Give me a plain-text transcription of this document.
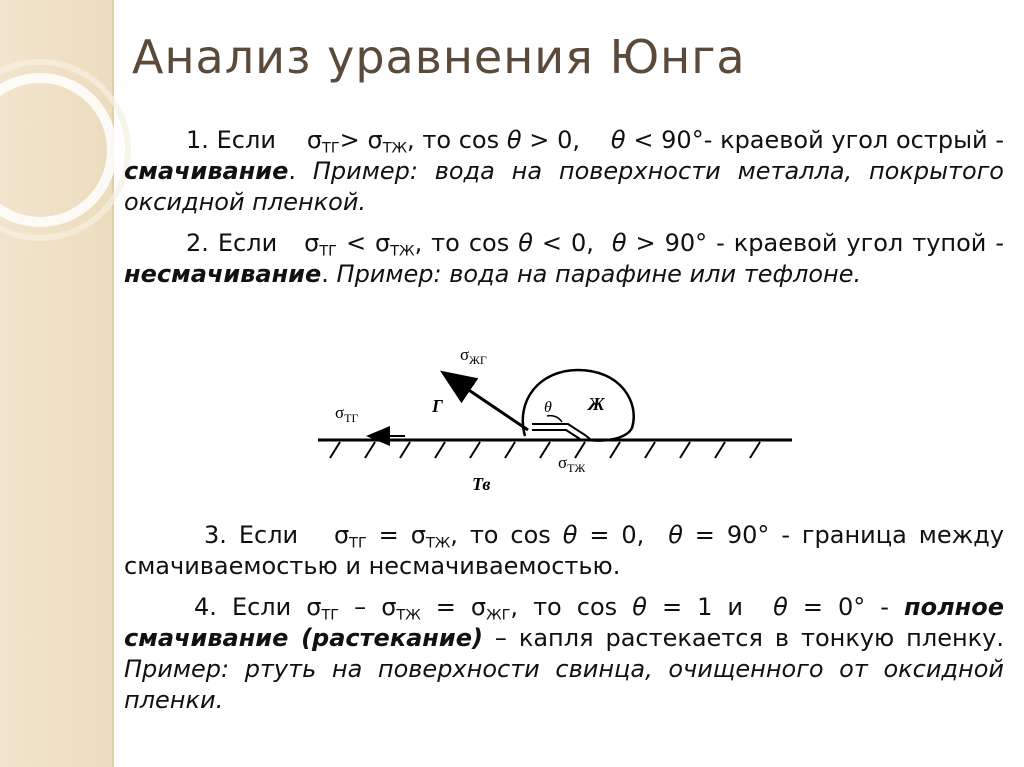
Анализ уравнения Юнга

1. Если $\sigma_{ТГ}> \sigma_{ТЖ}$, то cos θ > 0, θ < 90°- краевой угол острый - смачивание. Пример: вода на поверхности металла, покрытого оксидной пленкой.

2. Если $\sigma_{ТГ} < \sigma_{ТЖ}$, то cos θ < 0, θ > 90° - краевой угол тупой - несмачивание. Пример: вода на парафине или тефлоне.

$\sigma_{ЖГ}$
$\sigma_{ТГ}$
$\sigma_{ТЖ}$
Г	Ж
θ
Тв

3. Если $\sigma_{ТГ} = \sigma_{ТЖ}$, то cos θ = 0, θ = 90° - граница между смачиваемостью и несмачиваемостью.

4. Если $\sigma_{ТГ} - \sigma_{ТЖ} = \sigma_{ЖГ}$, то cos θ = 1 и  θ = 0° - полное смачивание (растекание) – капля растекается в тонкую пленку. Пример: ртуть на поверхности свинца, очищенного от оксидной пленки.
